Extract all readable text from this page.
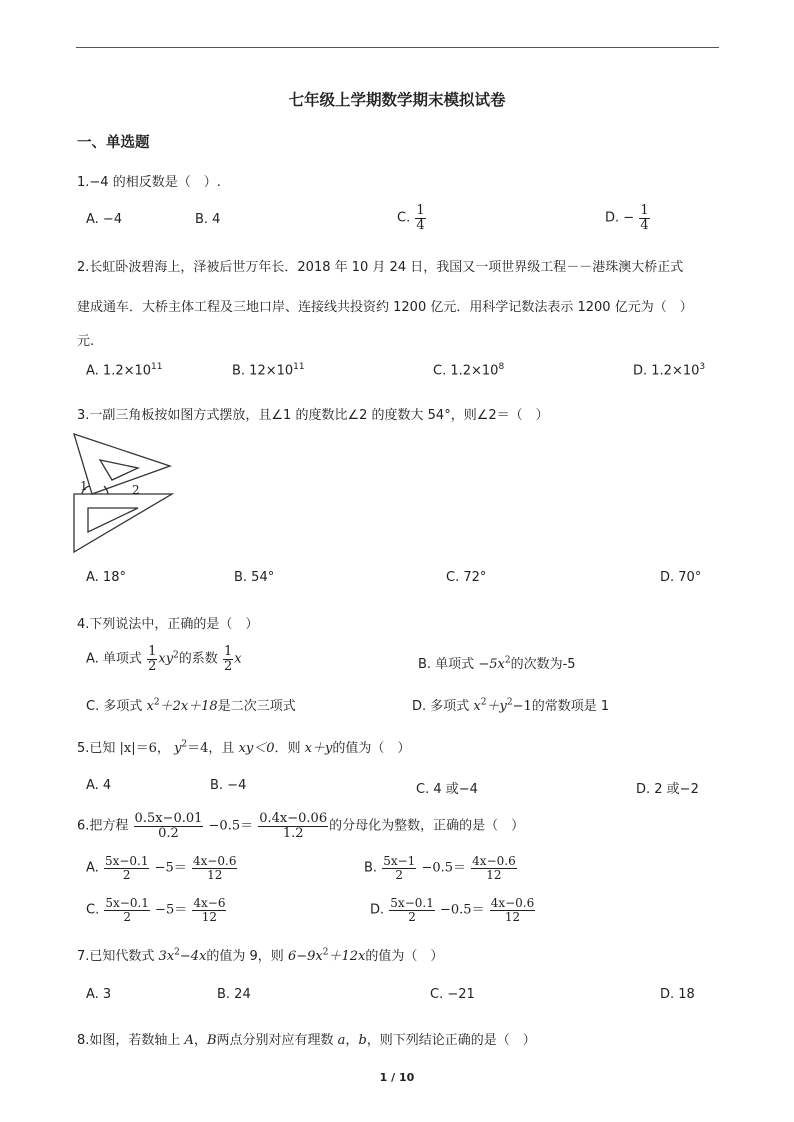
七年级上学期数学期末模拟试卷
一、单选题
1.−4 的相反数是（　）.
A. −4	B. 4	C. $\frac{1}{4}$	D. − $\frac{1}{4}$
2.长虹卧波碧海上，泽被后世万年长．2018 年 10 月 24 日，我国又一项世界级工程－－港珠澳大桥正式
建成通车．大桥主体工程及三地口岸、连接线共投资约 1200 亿元．用科学记数法表示 1200 亿元为（　）
元.
A. $1.2\times 10^{11}$	B. $12\times 10^{11}$	C. $1.2\times 10^8$	D. $1.2\times 10^3$
3.一副三角板按如图方式摆放，且∠1 的度数比∠2 的度数大 54°，则∠2＝（　）
1	2
A. 18°	B. 54°	C. 72°	D. 70°
4.下列说法中，正确的是（　）
A. 单项式 $\frac{1}{2} xy^2$的系数 $\frac{1}{2}$ x	B. 单项式 $-5x^2$的次数为-5
C. 多项式 $x^2+2x+18$是二次三项式	D. 多项式 $x^2+y^2-1$的常数项是 1
5.已知 |x|＝6， $y^2=4$，且 xy＜0．则 x＋y的值为（　）
A. 4	B. −4	C. 4 或−4	D. 2 或−2
6.把方程 $\frac{0.5x-0.01}{0.2} -0.5= \frac{0.4x-0.06}{1.2}$ 的分母化为整数，正确的是（　）
A. $\frac{5x-0.1}{2} -5= \frac{4x-0.6}{12}$	B. $\frac{5x-1}{2} -0.5= \frac{4x-0.6}{12}$
C. $\frac{5x-0.1}{2} -5= \frac{4x-6}{12}$	D. $\frac{5x-0.1}{2} -0.5= \frac{4x-0.6}{12}$
7.已知代数式 $3x^2-4x$的值为 9，则 $6-9x^2+12x$的值为（　）
A. 3	B. 24	C. −21	D. 18
8.如图，若数轴上 A，B两点分别对应有理数 a，b，则下列结论正确的是（　）
1 / 10
